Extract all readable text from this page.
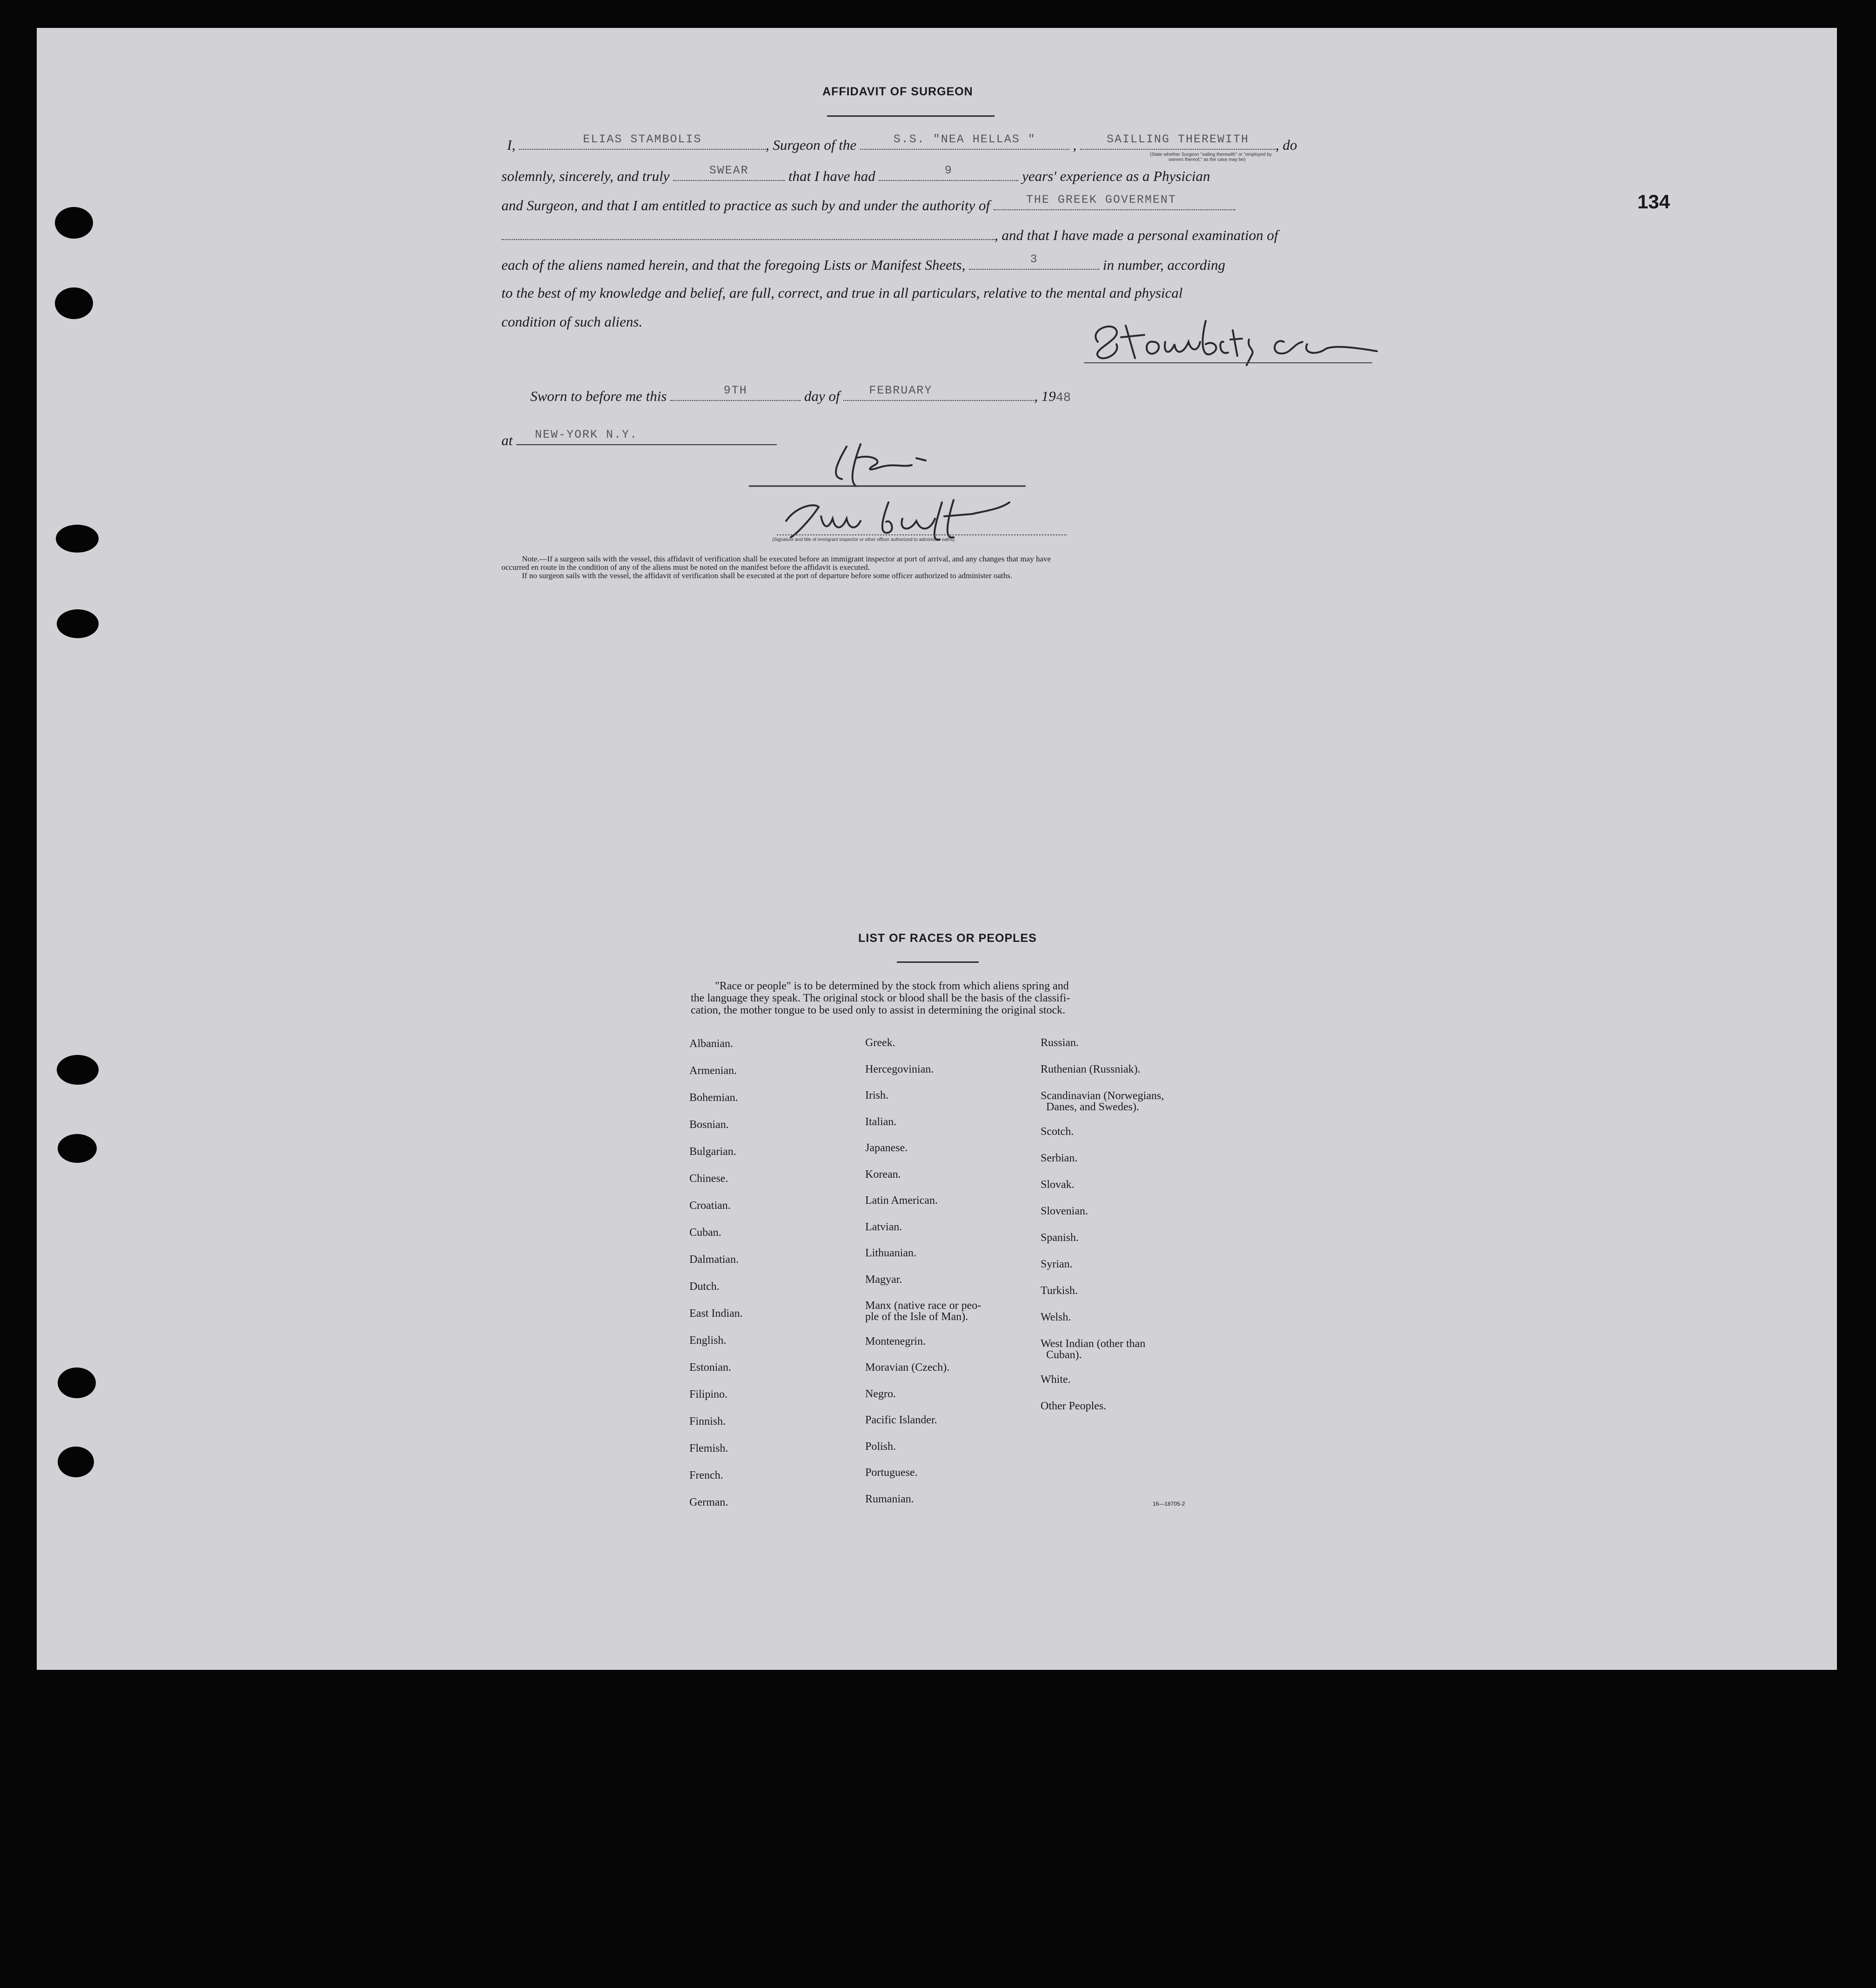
134
AFFIDAVIT OF SURGEON
I,	ELIAS STAMBOLIS	, Surgeon of the	S.S. "NEA HELLAS "	,	SAILLING THEREWITH	, do
(State whether Surgeon "sailing therewith" or "employed by
owners thereof," as the case may be)
solemnly, sincerely, and truly	SWEAR	that I have had	9	years' experience as a Physician
and Surgeon, and that I am entitled to practice as such by and under the authority of	THE GREEK GOVERMENT
, and that I have made a personal examination of
each of the aliens named herein, and that the foregoing Lists or Manifest Sheets,	3	in number, according
to the best of my knowledge and belief, are full, correct, and true in all particulars, relative to the mental and physical
condition of such aliens.
Sworn to before me this	9TH	day of	FEBRUARY	, 1948
at	NEW-YORK N.Y.
(Signature and title of immigrant inspector or other officer authorized to administer oaths)
Note.—If a surgeon sails with the vessel, this affidavit of verification shall be executed before an immigrant inspector at port of arrival, and any changes that may have
occurred en route in the condition of any of the aliens must be noted on the manifest before the affidavit is executed.
If no surgeon sails with the vessel, the affidavit of verification shall be executed at the port of departure before some officer authorized to administer oaths.
LIST OF RACES OR PEOPLES
"Race or people" is to be determined by the stock from which aliens spring and
the language they speak. The original stock or blood shall be the basis of the classifi-
cation, the mother tongue to be used only to assist in determining the original stock.
Albanian.
Armenian.
Bohemian.
Bosnian.
Bulgarian.
Chinese.
Croatian.
Cuban.
Dalmatian.
Dutch.
East Indian.
English.
Estonian.
Filipino.
Finnish.
Flemish.
French.
German.
Greek.
Hercegovinian.
Irish.
Italian.
Japanese.
Korean.
Latin American.
Latvian.
Lithuanian.
Magyar.
Manx (native race or peo-
ple of the Isle of Man).
Montenegrin.
Moravian (Czech).
Negro.
Pacific Islander.
Polish.
Portuguese.
Rumanian.
Russian.
Ruthenian (Russniak).
Scandinavian (Norwegians,
Danes, and Swedes).
Scotch.
Serbian.
Slovak.
Slovenian.
Spanish.
Syrian.
Turkish.
Welsh.
West Indian (other than
Cuban).
White.
Other Peoples.
16—18705-2
